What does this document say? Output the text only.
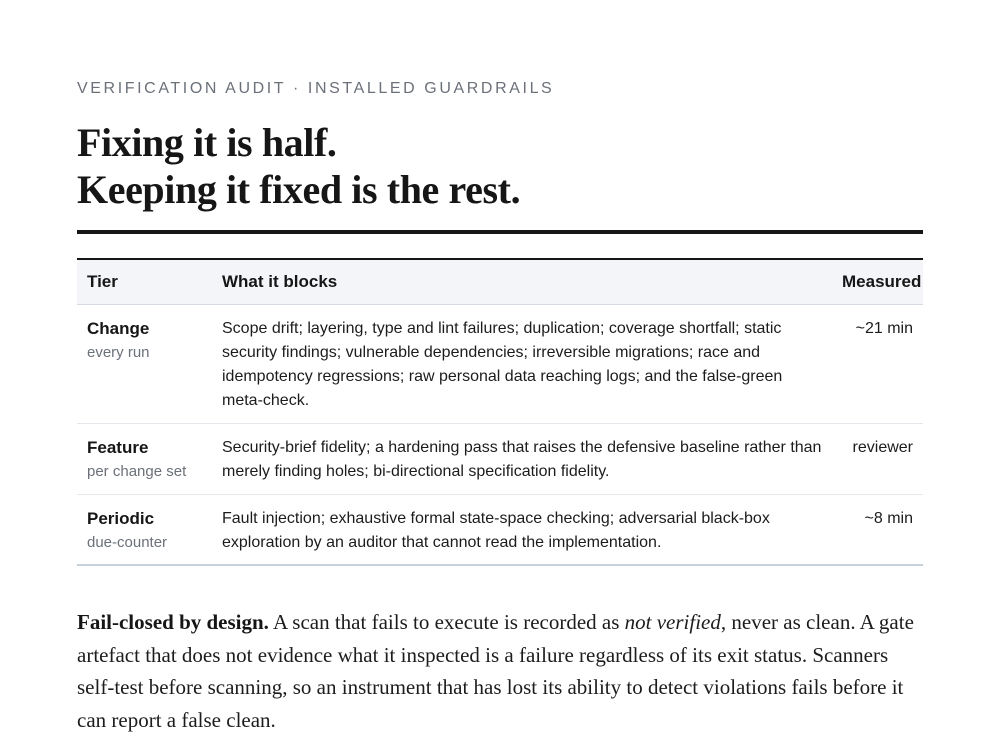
VERIFICATION AUDIT · INSTALLED GUARDRAILS
Fixing it is half.
Keeping it fixed is the rest.
Tier	What it blocks	Measured

Change
every run	Scope drift; layering, type and lint failures; duplication; coverage shortfall; static security findings; vulnerable dependencies; irreversible migrations; race and idempotency regressions; raw personal data reaching logs; and the false-green meta-check.	~21 min

Feature
per change set	Security-brief fidelity; a hardening pass that raises the defensive baseline rather than merely finding holes; bi-directional specification fidelity.	reviewer

Periodic
due-counter	Fault injection; exhaustive formal state-space checking; adversarial black-box exploration by an auditor that cannot read the implementation.	~8 min

Fail-closed by design. A scan that fails to execute is recorded as not verified, never as clean. A gate artefact that does not evidence what it inspected is a failure regardless of its exit status. Scanners self-test before scanning, so an instrument that has lost its ability to detect violations fails before it can report a false clean.
